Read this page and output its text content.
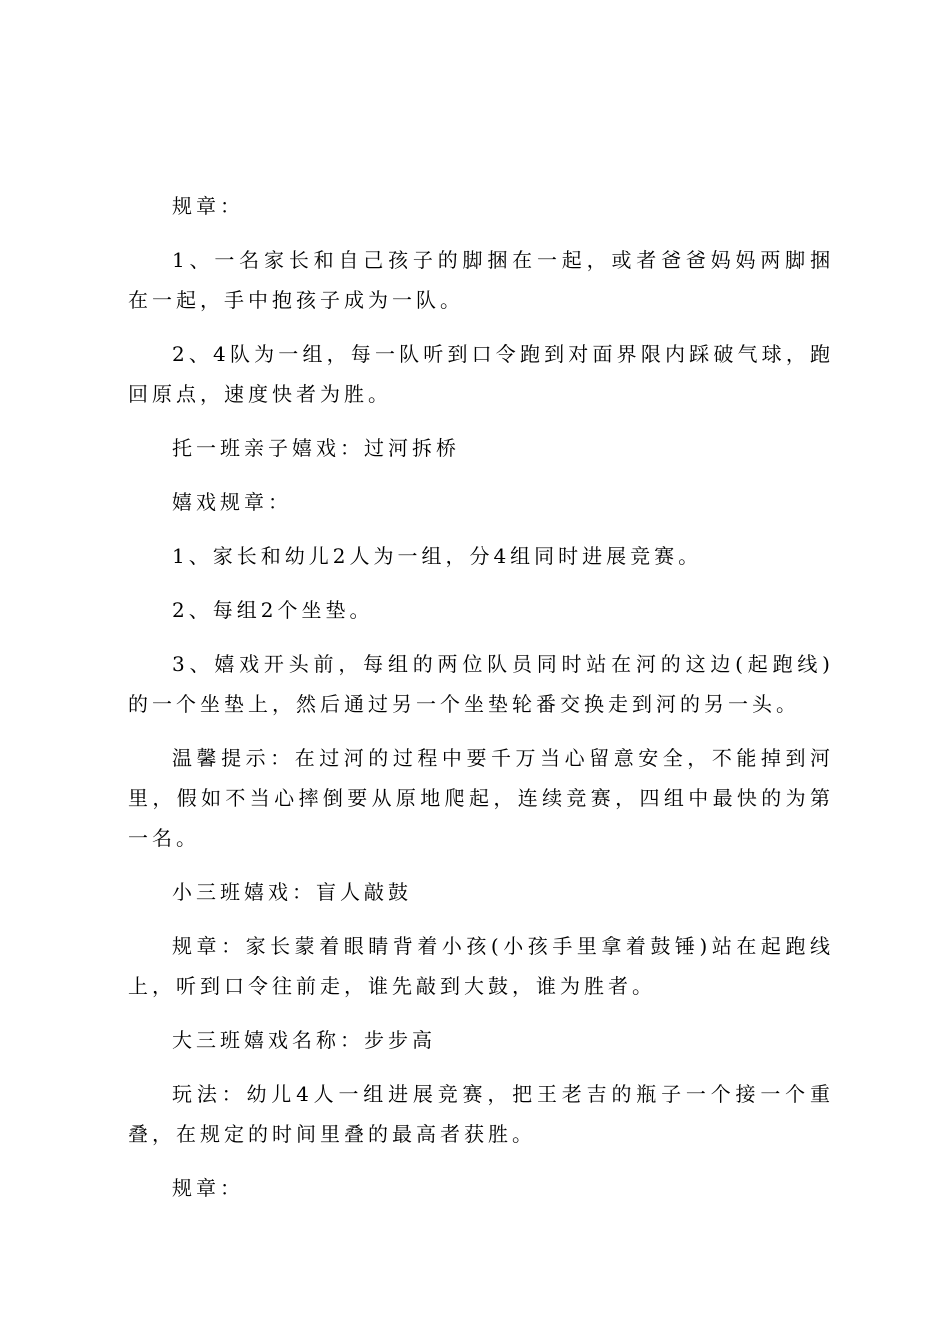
规章：

1、一名家长和自己孩子的脚捆在一起，或者爸爸妈妈两脚捆在一起，手中抱孩子成为一队。

2、4队为一组，每一队听到口令跑到对面界限内踩破气球，跑回原点，速度快者为胜。

托一班亲子嬉戏：过河拆桥

嬉戏规章：

1、家长和幼儿2人为一组，分4组同时进展竞赛。

2、每组2个坐垫。

3、嬉戏开头前，每组的两位队员同时站在河的这边(起跑线)的一个坐垫上，然后通过另一个坐垫轮番交换走到河的另一头。

温馨提示：在过河的过程中要千万当心留意安全，不能掉到河里，假如不当心摔倒要从原地爬起，连续竞赛，四组中最快的为第一名。

小三班嬉戏：盲人敲鼓

规章：家长蒙着眼睛背着小孩(小孩手里拿着鼓锤)站在起跑线上，听到口令往前走，谁先敲到大鼓，谁为胜者。

大三班嬉戏名称：步步高

玩法：幼儿4人一组进展竞赛，把王老吉的瓶子一个接一个重叠，在规定的时间里叠的最高者获胜。

规章：
